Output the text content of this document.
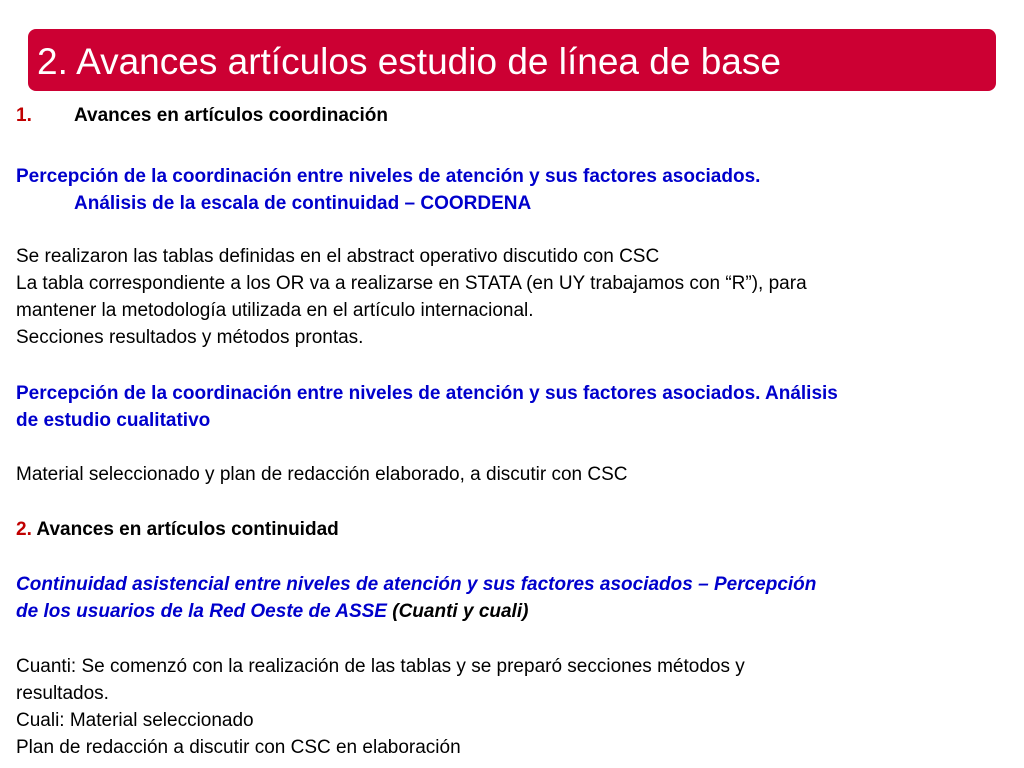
2. Avances artículos estudio de línea de base
1. Avances en artículos coordinación
Percepción de la coordinación entre niveles de atención y sus factores asociados.
Análisis de la escala de continuidad – COORDENA
Se realizaron las tablas definidas en el abstract operativo discutido con CSC
La tabla correspondiente a los OR va a realizarse en STATA (en UY trabajamos con “R”), para
mantener la metodología utilizada en el artículo internacional.
Secciones resultados y métodos prontas.
Percepción de la coordinación entre niveles de atención y sus factores asociados. Análisis
de estudio cualitativo
Material seleccionado y plan de redacción elaborado, a discutir con CSC
2. Avances en artículos continuidad
Continuidad asistencial entre niveles de atención y sus factores asociados – Percepción
de los usuarios de la Red Oeste de ASSE (Cuanti y cuali)
Cuanti: Se comenzó con la realización de las tablas y se preparó secciones métodos y
resultados.
Cuali: Material seleccionado
Plan de redacción a discutir con CSC en elaboración
